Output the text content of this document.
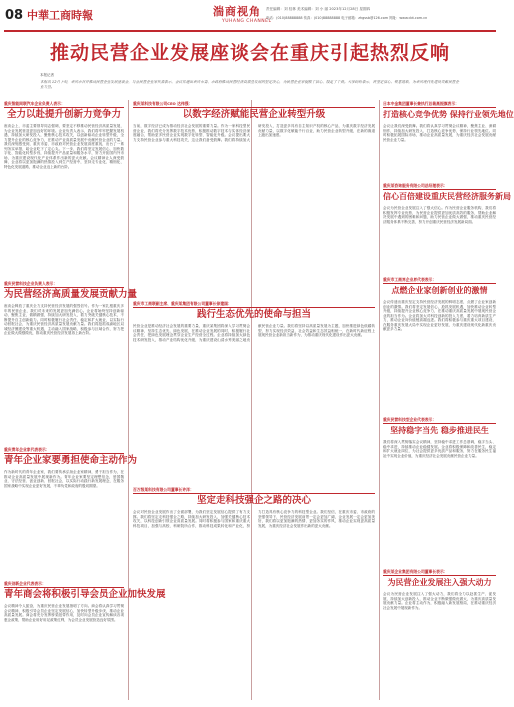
08 中華工商時報	湍商视角
YUHANG CHANNEL
责任编辑：刘 桂林 美术编辑：刘 小 丽 2023年12月28日 星期四
电话：(010)88888888 传真：(010)88888888 电子邮箱：zhgssb@126.com 网址：www.cbt.com.cn
推动民营企业发展座谈会在重庆引起热烈反响
本报记者
本报讯 12月下旬，重庆市召开推动民营企业发展座谈会，与会民营企业家代表表示，会议传递出重庆市委、市政府推动民营经济高质量发展的坚定决心，为民营企业家提振了信心、鼓足了干劲。大家纷纷表示，将坚定信心、锐意进取，为重庆现代化建设贡献民营企业力量。
重庆智能网联汽车企业负责人表示：
全力以赴提升创新力竞争力
座谈会上，市委主要领导同志强调，要坚定不移推动民营经济高质量发展，为企业发展营造更加良好的环境。企业负责人表示，我们将牢牢把握发展机遇，持续加大研发投入，聚焦核心技术攻关，以创新驱动企业转型升级，全力提升企业的核心竞争力，在推动产业高质量发展中贡献民营企业的力量。我们深刻感受到，重庆市委、市政府对民营企业发展高度重视，出台了一系列务实举措，给企业吃下了定心丸。下一步，我们将坚定发展信心，加快数字化、智能化转型步伐，持续提升产品质量和服务水平，努力开拓国内外市场，为重庆建设现代化产业体系作出新的更大贡献。会议精神让人深受鼓舞，企业将以更加饱满的热情投入到生产经营中，坚持走专业化、精细化、特色化发展道路，推动企业迈上新的台阶。
重庆民营科技企业负责人表示：
为民营经济高质量发展贡献力量
座谈会释放了重庆全力支持民营经济发展的强烈信号。作为一家扎根重庆多年的民营企业，我们对未来的发展更加充满信心。企业将始终坚持创新驱动，聚焦主业，做精做强，持续加大研发投入，着力突破关键核心技术，不断提升自主创新能力。同时积极履行社会责任，稳定和扩大就业，以实际行动回报社会，为重庆民营经济高质量发展贡献力量。我们将抢抓成渝地区双城经济圈建设等重大机遇，主动融入国家战略，积极参与区域合作，努力把企业做大做强做优，推动重庆民营经济发展再上新台阶。
重庆青年企业家代表表示：
青年企业家要勇担使命主动作为
作为新时代的青年企业家，我们要传承弘扬企业家精神，勇于担当作为，在推动企业高质量发展中展现新作为。青年企业家要坚定理想信念，爱国敬业、守法经营、创业创新、回报社会，以实际行动践行新发展理念，在服务国家战略中实现企业更好发展，不辜负党和政府的殷切期望。
重庆创新企业代表表示：
青年商会将积极引导会员企业加快发展
会议精神令人振奋，为重庆民营企业发展指明了方向。商会将认真学习贯彻会议精神，积极引导会员企业坚定发展信心，加快转型升级步伐，推动企业高质量发展。商会将充分发挥桥梁纽带作用，及时向会员企业宣传解读各项惠企政策，帮助企业用好用足政策红利，为会员企业发展营造良好氛围。
重庆某科技有限公司CEO 达伟强：
以数字经济赋能民营企业转型升级
当前，数字经济已成为推动经济社会发展的重要力量。作为一家科技型民营企业，我们将充分发挥数字技术优势，积极推动数字技术与实体经济深度融合，帮助更多民营企业实现数字化转型、智能化升级。会议提出要大力支持民营企业参与重大科技攻关，这让我们备受鼓舞。我们将持续加大研发投入，打造更多具有自主知识产权的核心产品，为重庆数字经济发展贡献力量，以数字化赋能千行百业，助力民营企业转型升级，在新的赛道上跑出加速度。
重庆市工商联副主席、重庆某集团有限公司董事长徐建国：
践行生态优先的使命与担当
民营企业是推动经济社会发展的重要力量，重庆某集团将深入学习贯彻会议精神，坚持生态优先、绿色发展，在推动企业发展的同时，积极履行社会责任，把绿色发展理念贯穿企业生产经营全过程。企业将持续加大绿色技术研发投入，推动产业结构优化升级，为重庆建设山清水秀美丽之地贡献民营企业力量。我们将坚持以高质量发展为主题，加快推进绿色低碳转型，努力实现经济效益、社会效益和生态效益相统一，在新时代新征程上展现民营企业新担当新作为，为推动重庆现代化建设作出更大贡献。
百万级某科技有限公司董事长许洋：
坚定走科技强企之路的决心
会议对民营企业发展作出了全面部署，为我们坚定发展信心提供了有力支撑。我们将坚定走科技强企之路，持续加大研发投入，加强关键核心技术攻关，以科技创新引领企业高质量发展。同时将积极参与国家和重庆重大科技项目，加强与高校、科研院所合作，推动科技成果转化和产业化，努力打造具有核心竞争力的科技型企业。我们坚信，在重庆市委、市政府的坚强领导下，民营经济发展前景一定会更加广阔，企业发展一定会更加美好，我们将以更加饱满的热情、更加务实的作风，推动企业实现更高质量发展，为重庆经济社会发展作出新的更大贡献。
日本中金集团董事长兼执行总裁高振旗表示：
打造核心竞争优势 保持行业领先地位
会议让我们深受鼓舞。我们将认真学习贯彻会议精神，聚焦主业、深耕细作，持续加大研发投入，打造核心竞争优势，保持行业领先地位。同时积极拓展国际市场，推动企业高质量发展，为重庆经济社会发展贡献民营企业力量。
重庆某咨询服务有限公司总经理表示：
信心百倍建设重庆民营经济服务新局
会议为民营企业发展注入了强大信心。作为民营企业服务机构，我们将积极发挥专业优势，为民营企业提供更加优质高效的服务，帮助企业解决发展中遇到的困难和问题，助力民营企业做大做强，推动重庆民营经济服务体系不断完善，努力开创重庆民营经济发展新局面。
重庆市工商界企业界代表表示：
点燃企业家创新创业的激情
会议传递出重庆坚定支持民营经济发展的鲜明态度，点燃了企业家创新创业的激情。我们将坚定发展信心，抢抓发展机遇，加快推动企业转型升级，持续提升企业核心竞争力，在推动重庆高质量发展中展现民营企业的担当作为。企业将加大对科技创新的投入力度，着力培育新质生产力，推动企业向价值链高端迈进。我们将积极参与重庆重大项目建设，在服务重庆发展大局中实现企业更好发展，为重庆建设现代化新重庆贡献更多力量。
重庆民营科技型企业代表表示：
坚持稳字当先 稳步推进民生
我们将深入贯彻落实会议精神，坚持稳中求进工作总基调，稳字当头、稳中求进，持续推动企业稳健发展。企业将积极保障和改善民生，稳定和扩大就业岗位，为社会提供更多优质产品和服务，努力在服务民生福祉中实现企业价值，为重庆经济社会发展贡献民营企业力量。
重庆某企业集团有限公司董事长表示：
为民营企业发展注入强大动力
会议为民营企业发展注入了强大动力，我们将全力以赴抓生产、促发展，持续加大创新投入，推动企业不断做强做优做大，为重庆高质量发展贡献力量。企业将主动作为，积极融入新发展格局，在推动重庆经济社会发展中展现新作为。
